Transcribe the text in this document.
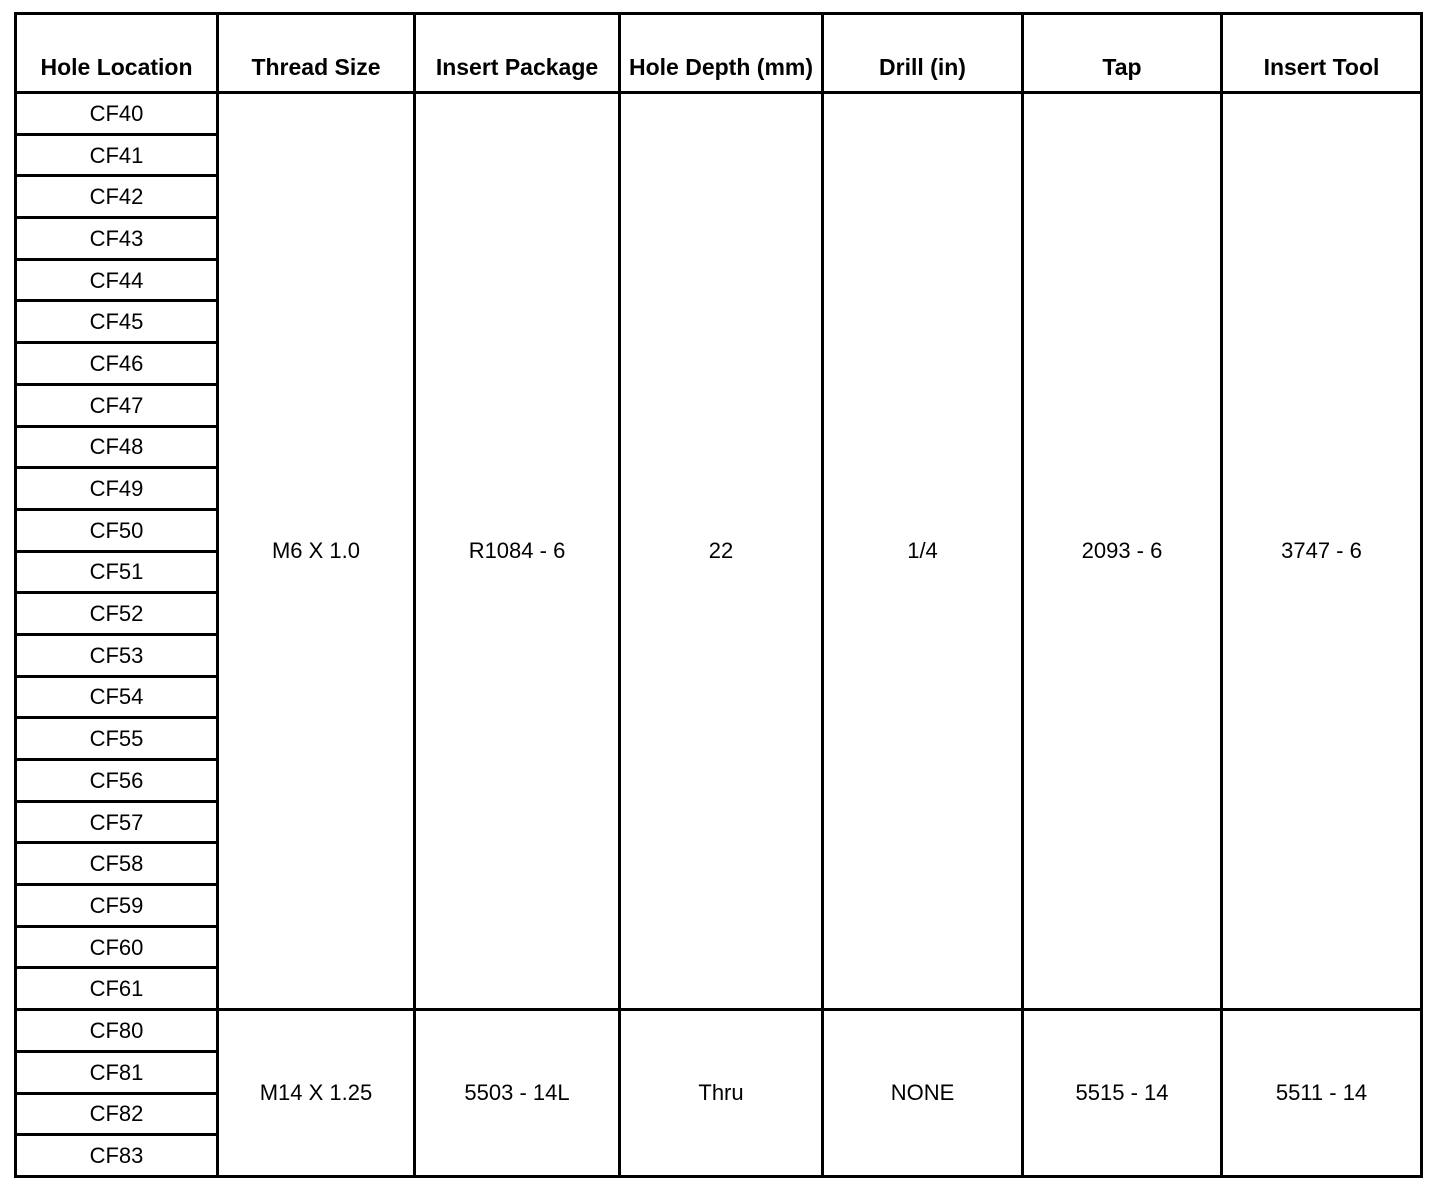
Hole Location	Thread Size	Insert Package	Hole Depth (mm)	Drill (in)	Tap	Insert Tool
CF40	M6 X 1.0	R1084 - 6	22	1/4	2093 - 6	3747 - 6
CF41						
CF42						
CF43						
CF44						
CF45						
CF46						
CF47						
CF48						
CF49						
CF50						
CF51						
CF52						
CF53						
CF54						
CF55						
CF56						
CF57						
CF58						
CF59						
CF60						
CF61						
CF80	M14 X 1.25	5503 - 14L	Thru	NONE	5515 - 14	5511 - 14
CF81						
CF82						
CF83						
